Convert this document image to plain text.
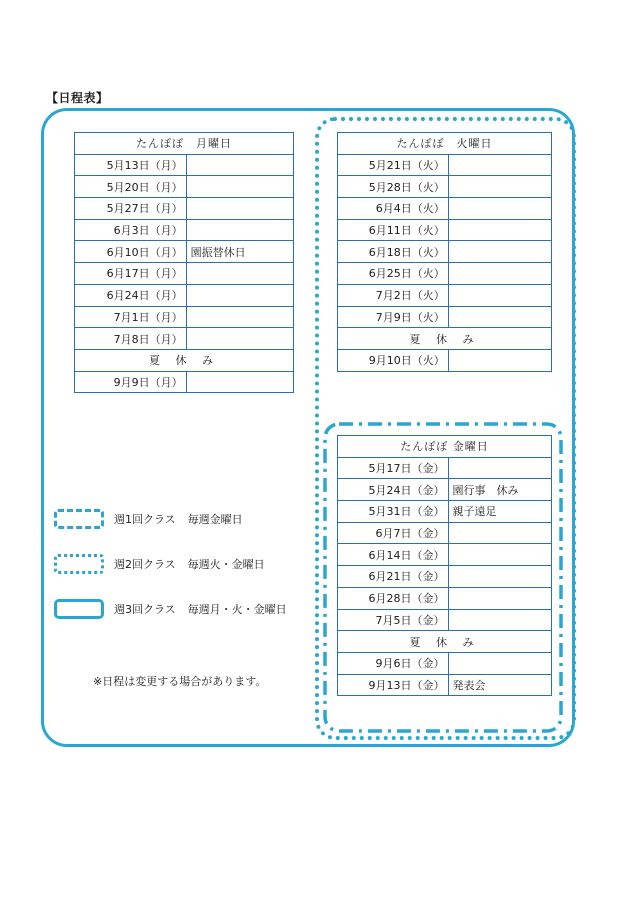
【日程表】
たんぽぽ　月曜日	
5月13日（月）	
5月20日（月）	
5月27日（月）	
6月3日（月）	
6月10日（月）	園振替休日
6月17日（月）	
6月24日（月）	
7月1日（月）	
7月8日（月）	
夏 休 み	
9月9日（月）	
たんぽぽ　火曜日	
5月21日（火）	
5月28日（火）	
6月4日（火）	
6月11日（火）	
6月18日（火）	
6月25日（火）	
7月2日（火）	
7月9日（火）	
夏 休 み	
9月10日（火）	
たんぽぽ 金曜日	
5月17日（金）	
5月24日（金）	園行事　休み
5月31日（金）	親子遠足
6月7日（金）	
6月14日（金）	
6月21日（金）	
6月28日（金）	
7月5日（金）	
夏 休 み	
9月6日（金）	
9月13日（金）	発表会
週1回クラス 毎週金曜日
週2回クラス 毎週火・金曜日
週3回クラス 毎週月・火・金曜日
※日程は変更する場合があります。
